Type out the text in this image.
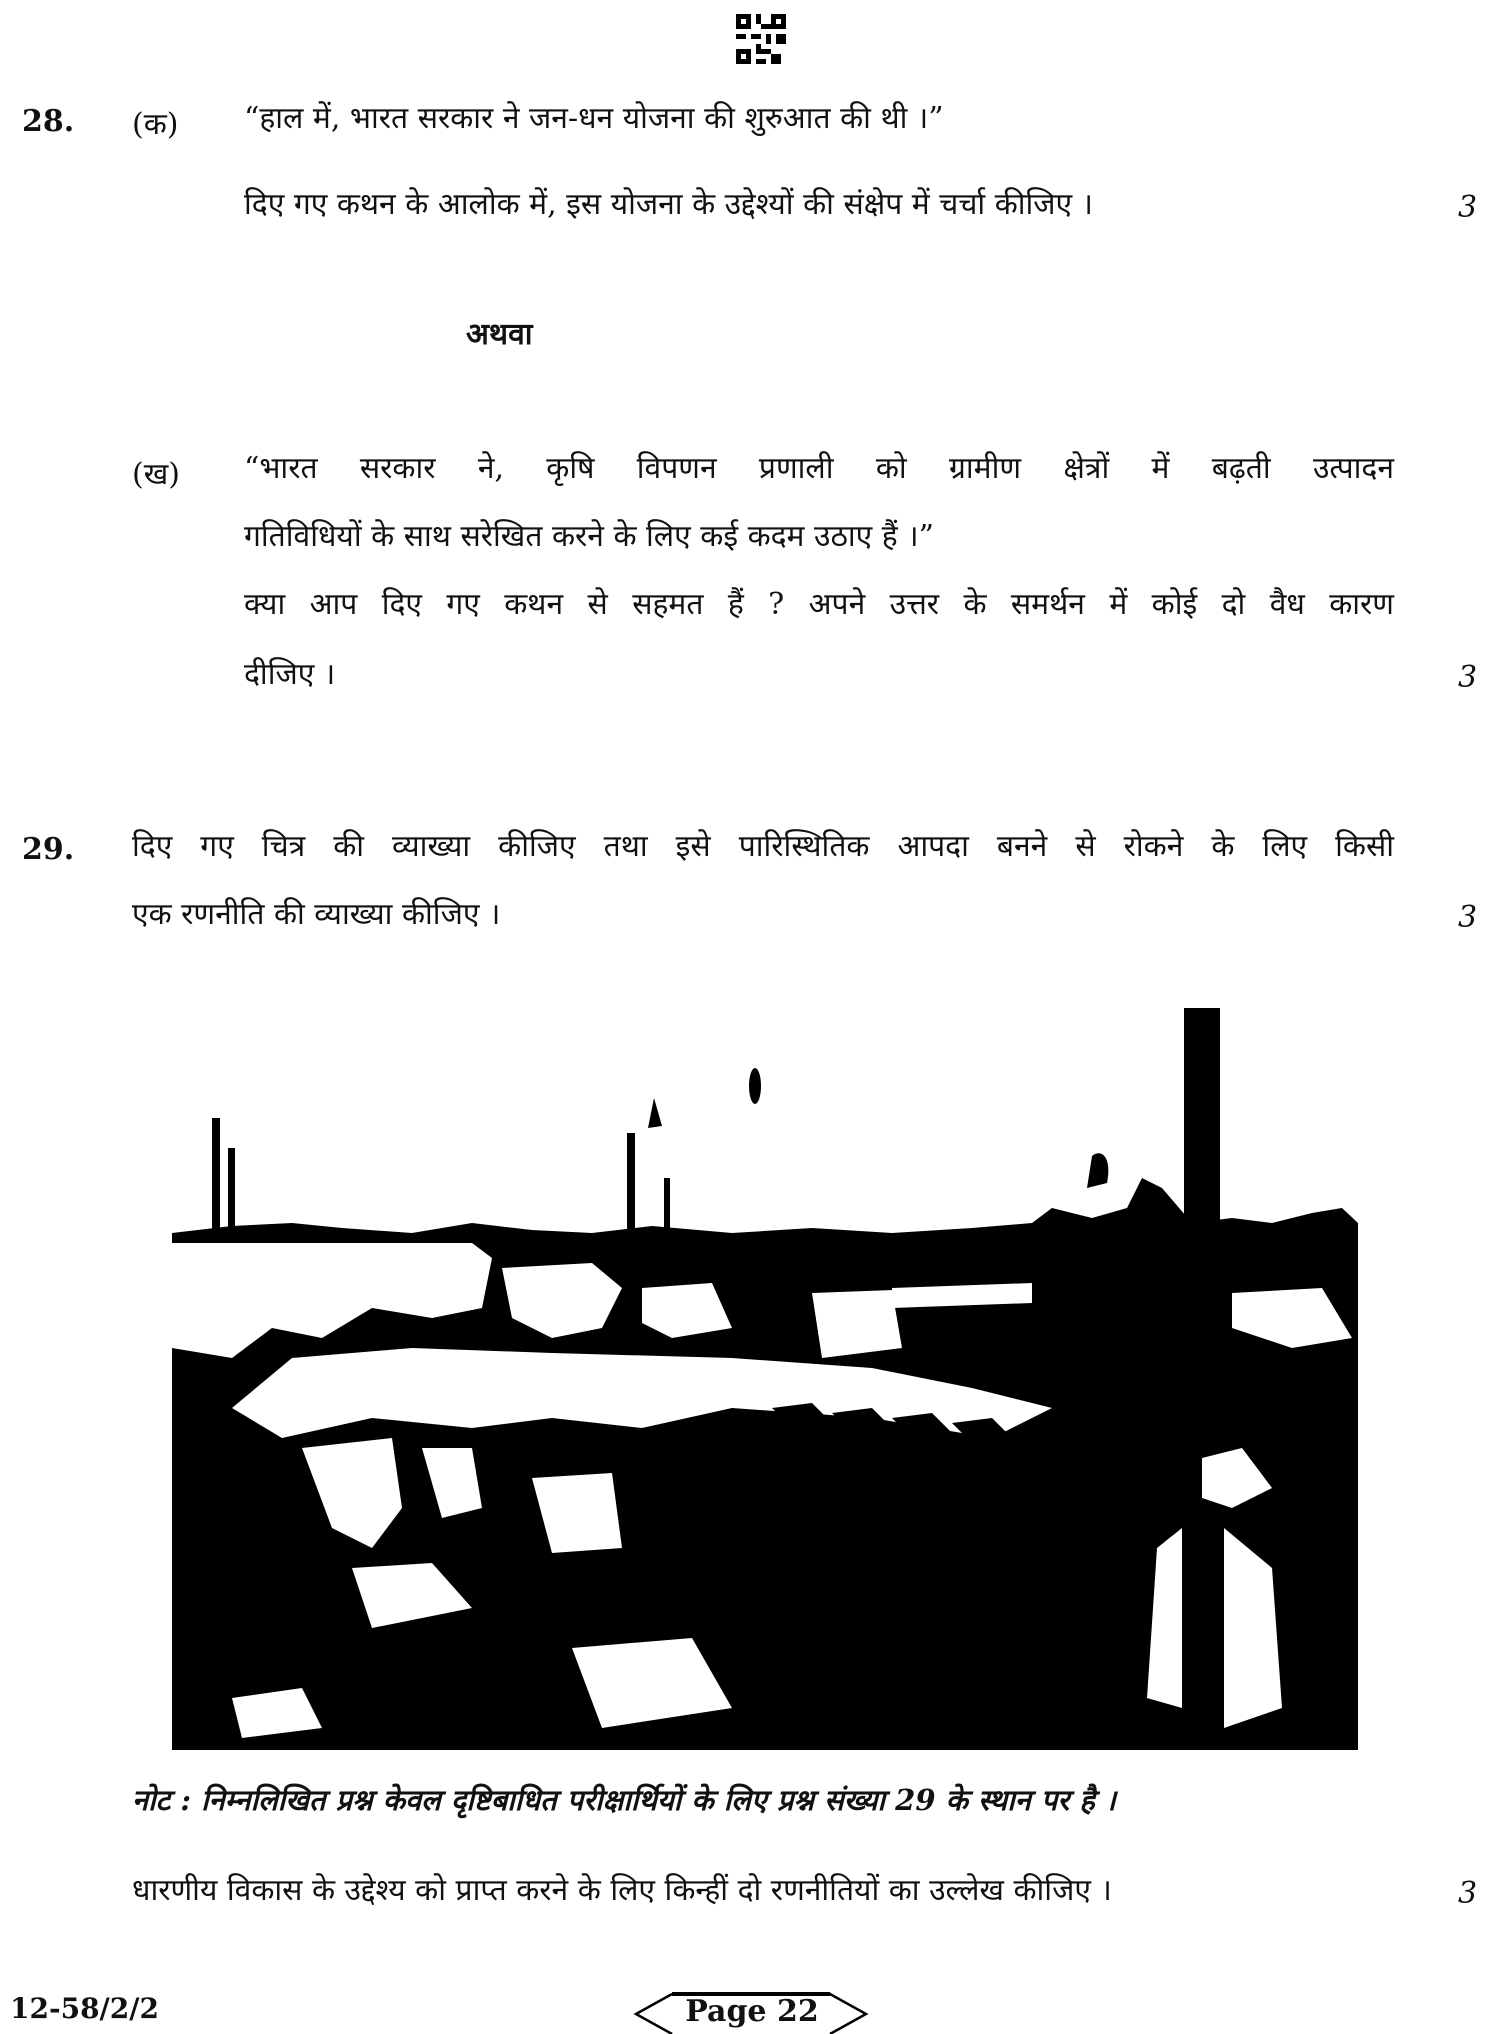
28. (क) “हाल में, भारत सरकार ने जन-धन योजना की शुरुआत की थी ।”
दिए गए कथन के आलोक में, इस योजना के उद्देश्यों की संक्षेप में चर्चा कीजिए ।	3
अथवा
(ख) “भारत सरकार ने, कृषि विपणन प्रणाली को ग्रामीण क्षेत्रों में बढ़ती उत्पादन
गतिविधियों के साथ सरेखित करने के लिए कई कदम उठाए हैं ।”
क्या आप दिए गए कथन से सहमत हैं ? अपने उत्तर के समर्थन में कोई दो वैध कारण
दीजिए ।	3
29. दिए गए चित्र की व्याख्या कीजिए तथा इसे पारिस्थितिक आपदा बनने से रोकने के लिए किसी
एक रणनीति की व्याख्या कीजिए ।	3
नोट : निम्नलिखित प्रश्न केवल दृष्टिबाधित परीक्षार्थियों के लिए प्रश्न संख्या 29 के स्थान पर है ।
धारणीय विकास के उद्देश्य को प्राप्त करने के लिए किन्हीं दो रणनीतियों का उल्लेख कीजिए ।	3
12-58/2/2	Page 22
